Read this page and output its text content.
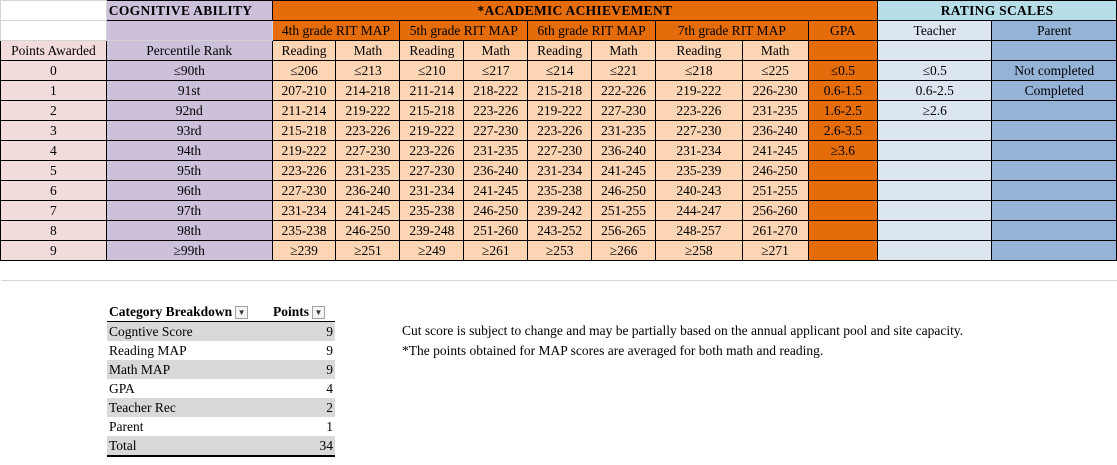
	COGNITIVE ABILITY	*ACADEMIC ACHIEVEMENT									RATING SCALES	
		4th grade RIT MAP		5th grade RIT MAP		6th grade RIT MAP		7th grade RIT MAP		GPA	Teacher	Parent
Points Awarded	Percentile Rank	Reading	Math	Reading	Math	Reading	Math	Reading	Math			
0	≤90th	≤206	≤213	≤210	≤217	≤214	≤221	≤218	≤225	≤0.5	≤0.5	Not completed
1	91st	207-210	214-218	211-214	218-222	215-218	222-226	219-222	226-230	0.6-1.5	0.6-2.5	Completed
2	92nd	211-214	219-222	215-218	223-226	219-222	227-230	223-226	231-235	1.6-2.5	≥2.6	
3	93rd	215-218	223-226	219-222	227-230	223-226	231-235	227-230	236-240	2.6-3.5		
4	94th	219-222	227-230	223-226	231-235	227-230	236-240	231-234	241-245	≥3.6		
5	95th	223-226	231-235	227-230	236-240	231-234	241-245	235-239	246-250			
6	96th	227-230	236-240	231-234	241-245	235-238	246-250	240-243	251-255			
7	97th	231-234	241-245	235-238	246-250	239-242	251-255	244-247	256-260			
8	98th	235-238	246-250	239-248	251-260	243-252	256-265	248-257	261-270			
9	≥99th	≥239	≥251	≥249	≥261	≥253	≥266	≥258	≥271			

Category Breakdown ▼	Points ▼
Cogntive Score	9
Reading MAP	9
Math MAP	9
GPA	4
Teacher Rec	2
Parent	1
Total	34
Cut score is subject to change and may be partially based on the annual applicant pool and site capacity.
*The points obtained for MAP scores are averaged for both math and reading.
